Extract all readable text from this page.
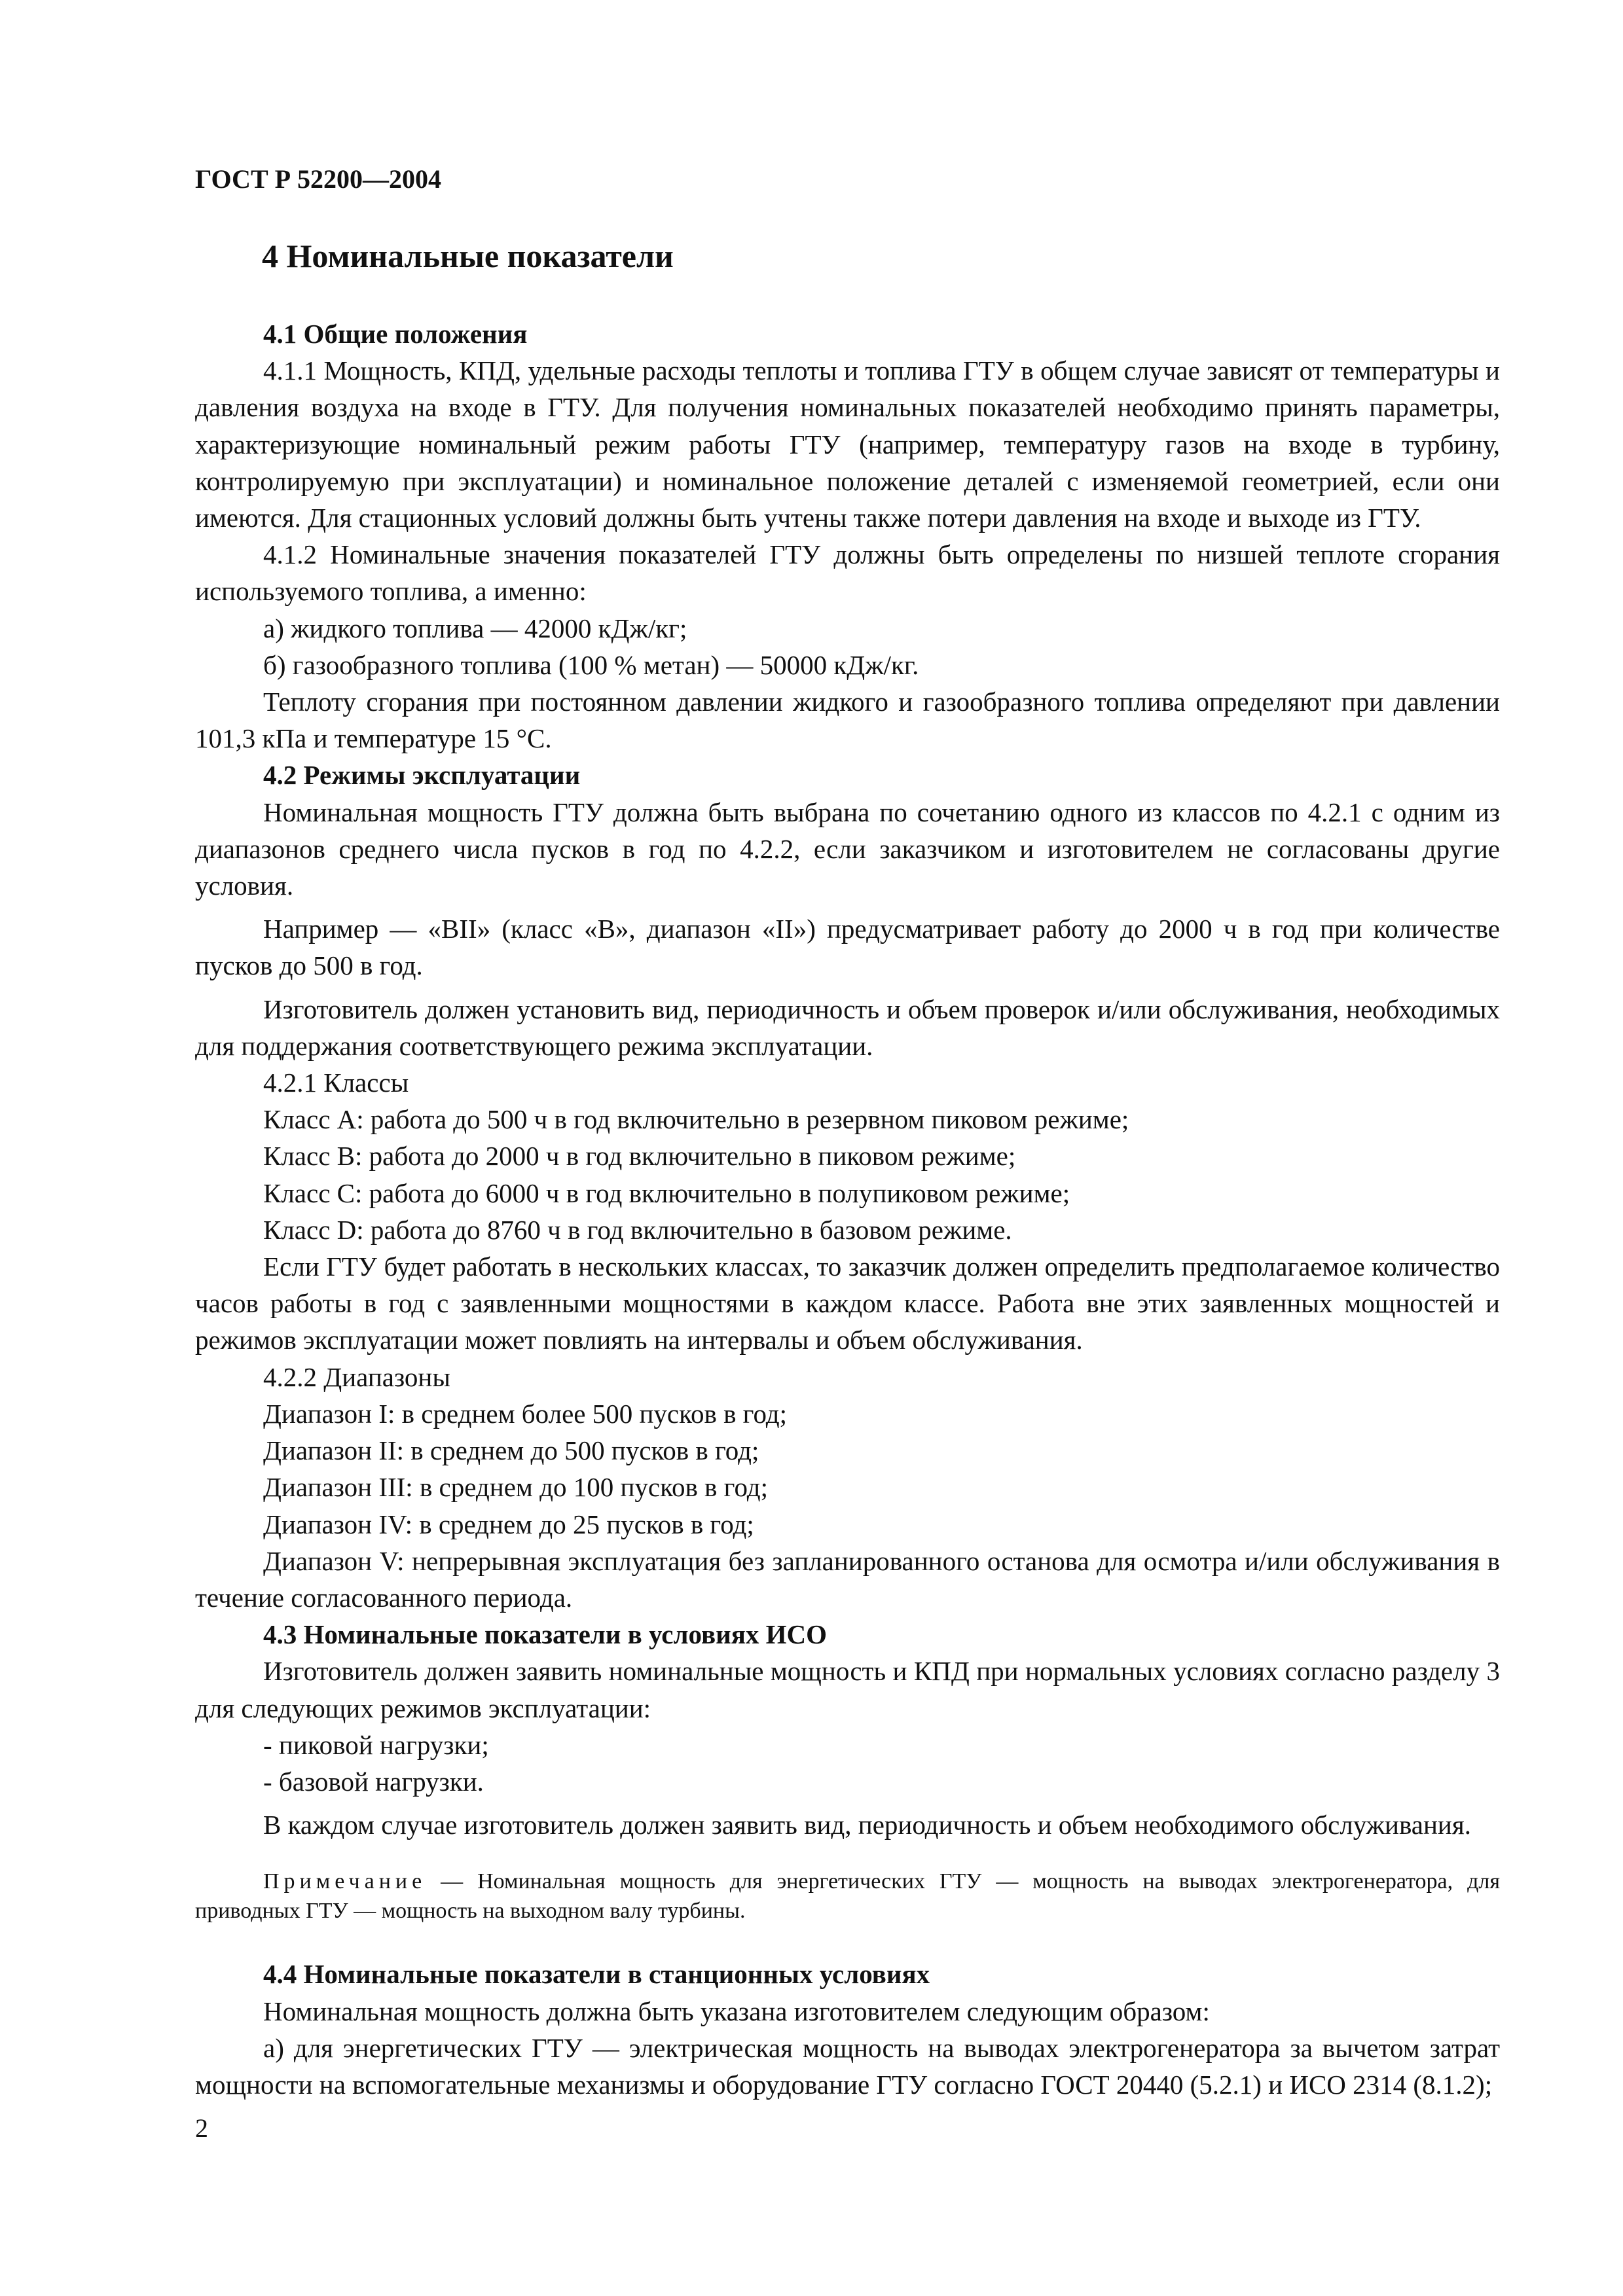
ГОСТ Р 52200—2004
4 Номинальные показатели

4.1 Общие положения

4.1.1 Мощность, КПД, удельные расходы теплоты и топлива ГТУ в общем случае зависят от температуры и давления воздуха на входе в ГТУ. Для получения номинальных показателей необходимо принять параметры, характеризующие номинальный режим работы ГТУ (например, температуру газов на входе в турбину, контролируемую при эксплуатации) и номинальное положение деталей с изменяемой геометрией, если они имеются. Для стационных условий должны быть учтены также потери давления на входе и выходе из ГТУ.

4.1.2 Номинальные значения показателей ГТУ должны быть определены по низшей теплоте сгорания используемого топлива, а именно:

а) жидкого топлива — 42000 кДж/кг;

б) газообразного топлива (100 % метан) — 50000 кДж/кг.

Теплоту сгорания при постоянном давлении жидкого и газообразного топлива определяют при давлении 101,3 кПа и температуре 15 °С.

4.2 Режимы эксплуатации

Номинальная мощность ГТУ должна быть выбрана по сочетанию одного из классов по 4.2.1 с одним из диапазонов среднего числа пусков в год по 4.2.2, если заказчиком и изготовителем не согласованы другие условия.

Например — «ВII» (класс «В», диапазон «II») предусматривает работу до 2000 ч в год при количестве пусков до 500 в год.

Изготовитель должен установить вид, периодичность и объем проверок и/или обслуживания, необходимых для поддержания соответствующего режима эксплуатации.

4.2.1 Классы

Класс А: работа до 500 ч в год включительно в резервном пиковом режиме;

Класс В: работа до 2000 ч в год включительно в пиковом режиме;

Класс С: работа до 6000 ч в год включительно в полупиковом режиме;

Класс D: работа до 8760 ч в год включительно в базовом режиме.

Если ГТУ будет работать в нескольких классах, то заказчик должен определить предполагаемое количество часов работы в год с заявленными мощностями в каждом классе. Работа вне этих заявленных мощностей и режимов эксплуатации может повлиять на интервалы и объем обслуживания.

4.2.2 Диапазоны

Диапазон I: в среднем более 500 пусков в год;

Диапазон II: в среднем до 500 пусков в год;

Диапазон III: в среднем до 100 пусков в год;

Диапазон IV: в среднем до 25 пусков в год;

Диапазон V: непрерывная эксплуатация без запланированного останова для осмотра и/или обслуживания в течение согласованного периода.

4.3 Номинальные показатели в условиях ИСО

Изготовитель должен заявить номинальные мощность и КПД при нормальных условиях согласно разделу 3 для следующих режимов эксплуатации:

- пиковой нагрузки;

- базовой нагрузки.

В каждом случае изготовитель должен заявить вид, периодичность и объем необходимого обслуживания.

Примечание — Номинальная мощность для энергетических ГТУ — мощность на выводах электрогенератора, для приводных ГТУ — мощность на выходном валу турбины.

4.4 Номинальные показатели в станционных условиях

Номинальная мощность должна быть указана изготовителем следующим образом:

а) для энергетических ГТУ — электрическая мощность на выводах электрогенератора за вычетом затрат мощности на вспомогательные механизмы и оборудование ГТУ согласно ГОСТ 20440 (5.2.1) и ИСО 2314 (8.1.2);

2
